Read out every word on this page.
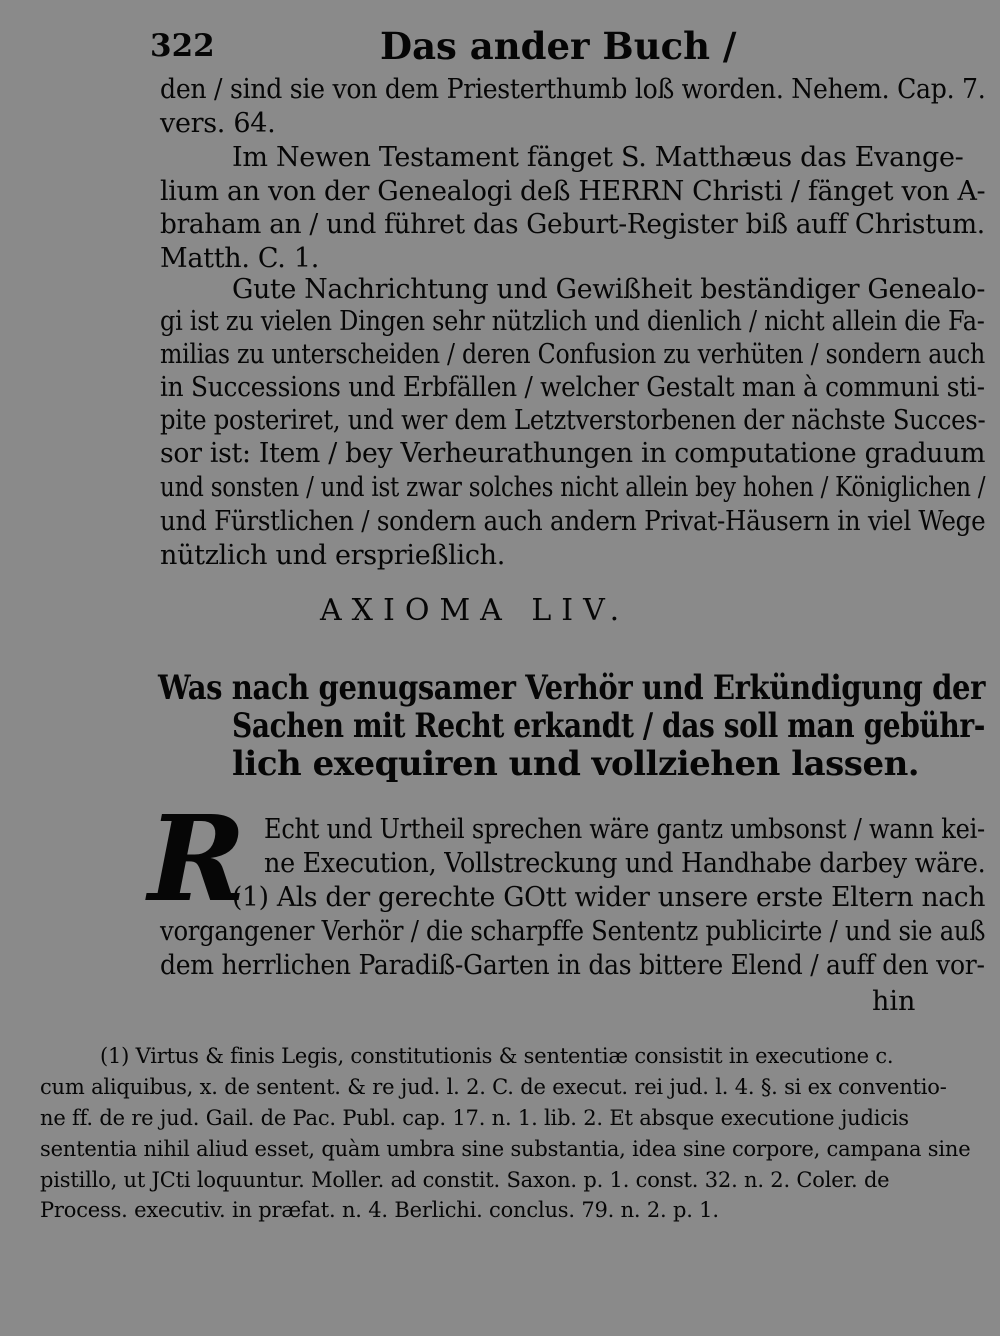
322	Das ander Buch /
den / sind sie von dem Priesterthumb loß worden. Nehem. Cap. 7.
vers. 64.
Im Newen Testament fänget S. Matthæus das Evange-
lium an von der Genealogi deß HERRN Christi / fänget von A-
braham an / und führet das Geburt-Register biß auff Christum.
Matth. C. 1.
Gute Nachrichtung und Gewißheit beständiger Genealo-
gi ist zu vielen Dingen sehr nützlich und dienlich / nicht allein die Fa-
milias zu unterscheiden / deren Confusion zu verhüten / sondern auch
in Successions und Erbfällen / welcher Gestalt man à communi sti-
pite posteriret, und wer dem Letztverstorbenen der nächste Succes-
sor ist: Item / bey Verheurathungen in computatione graduum
und sonsten / und ist zwar solches nicht allein bey hohen / Königlichen /
und Fürstlichen / sondern auch andern Privat-Häusern in viel Wege
nützlich und ersprießlich.
AXIOMA LIV.
Was nach genugsamer Verhör und Erkündigung der
Sachen mit Recht erkandt / das soll man gebühr-
lich exequiren und vollziehen lassen.
R Echt und Urtheil sprechen wäre gantz umbsonst / wann kei-
ne Execution, Vollstreckung und Handhabe darbey wäre.
(1) Als der gerechte GOtt wider unsere erste Eltern nach
vorgangener Verhör / die scharpffe Sententz publicirte / und sie auß
dem herrlichen Paradiß-Garten in das bittere Elend / auff den vor-
hin
(1) Virtus & finis Legis, constitutionis & sententiæ consistit in executione c.
cum aliquibus, x. de sentent. & re jud. l. 2. C. de execut. rei jud. l. 4. §. si ex conventio-
ne ff. de re jud. Gail. de Pac. Publ. cap. 17. n. 1. lib. 2. Et absque executione judicis
sententia nihil aliud esset, quàm umbra sine substantia, idea sine corpore, campana sine
pistillo, ut JCti loquuntur. Moller. ad constit. Saxon. p. 1. const. 32. n. 2. Coler. de
Process. executiv. in præfat. n. 4. Berlichi. conclus. 79. n. 2. p. 1.
